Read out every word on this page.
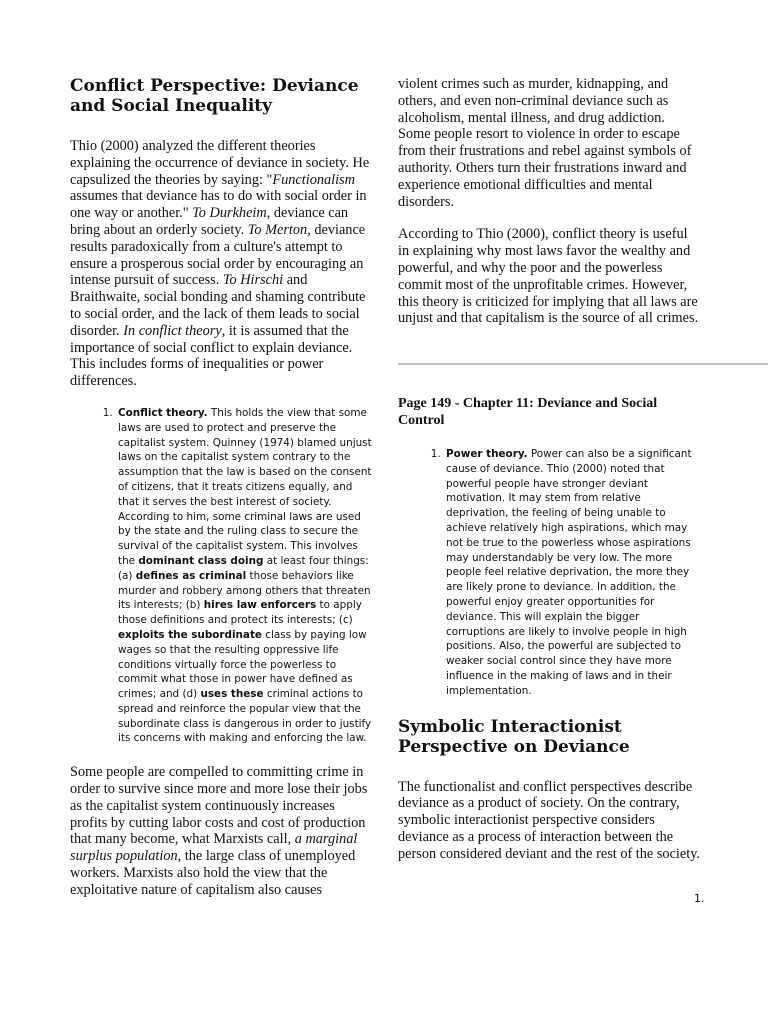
Conflict Perspective: Deviance and Social Inequality

Thio (2000) analyzed the different theories explaining the occurrence of deviance in society. He capsulized the theories by saying: "Functionalism assumes that deviance has to do with social order in one way or another." To Durkheim, deviance can bring about an orderly society. To Merton, deviance results paradoxically from a culture's attempt to ensure a prosperous social order by encouraging an intense pursuit of success. To Hirschi and Braithwaite, social bonding and shaming contribute to social order, and the lack of them leads to social disorder. In conflict theory, it is assumed that the importance of social conflict to explain deviance. This includes forms of inequalities or power differences.

1. Conflict theory. This holds the view that some laws are used to protect and preserve the capitalist system. Quinney (1974) blamed unjust laws on the capitalist system contrary to the assumption that the law is based on the consent of citizens, that it treats citizens equally, and that it serves the best interest of society. According to him, some criminal laws are used by the state and the ruling class to secure the survival of the capitalist system. This involves the dominant class doing at least four things: (a) defines as criminal those behaviors like murder and robbery among others that threaten its interests; (b) hires law enforcers to apply those definitions and protect its interests; (c) exploits the subordinate class by paying low wages so that the resulting oppressive life conditions virtually force the powerless to commit what those in power have defined as crimes; and (d) uses these criminal actions to spread and reinforce the popular view that the subordinate class is dangerous in order to justify its concerns with making and enforcing the law.

Some people are compelled to committing crime in order to survive since more and more lose their jobs as the capitalist system continuously increases profits by cutting labor costs and cost of production that many become, what Marxists call, a marginal surplus population, the large class of unemployed workers. Marxists also hold the view that the exploitative nature of capitalism also causes

violent crimes such as murder, kidnapping, and others, and even non-criminal deviance such as alcoholism, mental illness, and drug addiction. Some people resort to violence in order to escape from their frustrations and rebel against symbols of authority. Others turn their frustrations inward and experience emotional difficulties and mental disorders.

According to Thio (2000), conflict theory is useful in explaining why most laws favor the wealthy and powerful, and why the poor and the powerless commit most of the unprofitable crimes. However, this theory is criticized for implying that all laws are unjust and that capitalism is the source of all crimes.

Page 149 - Chapter 11: Deviance and Social Control
1. Power theory. Power can also be a significant cause of deviance. Thio (2000) noted that powerful people have stronger deviant motivation. It may stem from relative deprivation, the feeling of being unable to achieve relatively high aspirations, which may not be true to the powerless whose aspirations may understandably be very low. The more people feel relative deprivation, the more they are likely prone to deviance. In addition, the powerful enjoy greater opportunities for deviance. This will explain the bigger corruptions are likely to involve people in high positions. Also, the powerful are subjected to weaker social control since they have more influence in the making of laws and in their implementation.
Symbolic Interactionist Perspective on Deviance

The functionalist and conflict perspectives describe deviance as a product of society. On the contrary, symbolic interactionist perspective considers deviance as a process of interaction between the person considered deviant and the rest of the society.

1.
